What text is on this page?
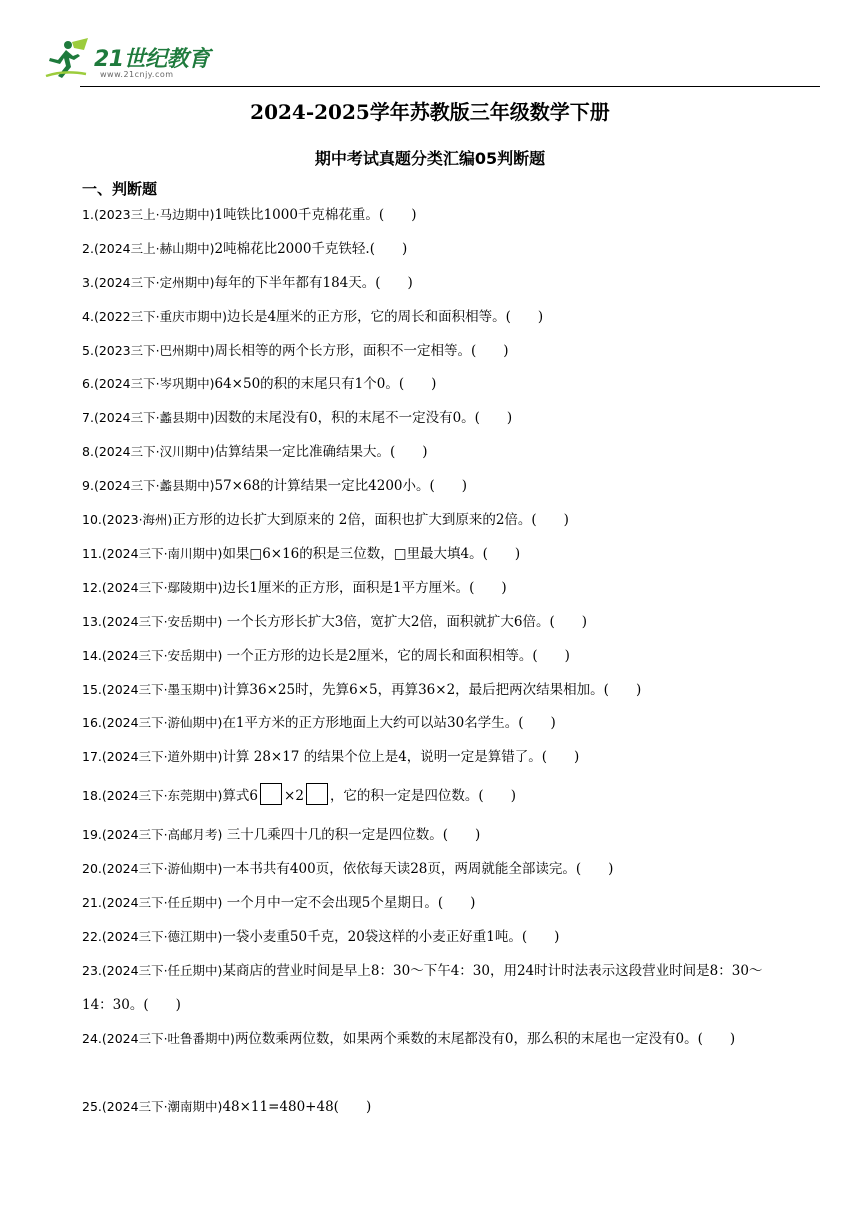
21世纪教育
www.21cnjy.com
2024-2025学年苏教版三年级数学下册
期中考试真题分类汇编05判断题
一、判断题
1.(2023三上·马边期中)1吨铁比1000千克棉花重。(　　)
2.(2024三上·赫山期中)2吨棉花比2000千克铁轻.(　　)
3.(2024三下·定州期中)每年的下半年都有184天。(　　)
4.(2022三下·重庆市期中)边长是4厘米的正方形，它的周长和面积相等。(　　)
5.(2023三下·巴州期中)周长相等的两个长方形，面积不一定相等。(　　)
6.(2024三下·岑巩期中)64×50的积的末尾只有1个0。(　　)
7.(2024三下·蠡县期中)因数的末尾没有0，积的末尾不一定没有0。(　　)
8.(2024三下·汉川期中)估算结果一定比准确结果大。(　　)
9.(2024三下·蠡县期中)57×68的计算结果一定比4200小。(　　)
10.(2023·海州)正方形的边长扩大到原来的 2倍，面积也扩大到原来的2倍。(　　)
11.(2024三下·南川期中)如果□6×16的积是三位数，□里最大填4。(　　)
12.(2024三下·鄢陵期中)边长1厘米的正方形，面积是1平方厘米。(　　)
13.(2024三下·安岳期中) 一个长方形长扩大3倍，宽扩大2倍，面积就扩大6倍。(　　)
14.(2024三下·安岳期中) 一个正方形的边长是2厘米，它的周长和面积相等。(　　)
15.(2024三下·墨玉期中)计算36×25时，先算6×5，再算36×2，最后把两次结果相加。(　　)
16.(2024三下·游仙期中)在1平方米的正方形地面上大约可以站30名学生。(　　)
17.(2024三下·道外期中)计算 28×17 的结果个位上是4，说明一定是算错了。(　　)
18.(2024三下·东莞期中)算式6 ×2 ，它的积一定是四位数。(　　)
19.(2024三下·高邮月考) 三十几乘四十几的积一定是四位数。(　　)
20.(2024三下·游仙期中)一本书共有400页，依依每天读28页，两周就能全部读完。(　　)
21.(2024三下·任丘期中) 一个月中一定不会出现5个星期日。(　　)
22.(2024三下·德江期中)一袋小麦重50千克，20袋这样的小麦正好重1吨。(　　)
23.(2024三下·任丘期中)某商店的营业时间是早上8：30～下午4：30，用24时计时法表示这段营业时间是8：30～14：30。(　　)
24.(2024三下·吐鲁番期中)两位数乘两位数，如果两个乘数的末尾都没有0，那么积的末尾也一定没有0。(　　)
25.(2024三下·潮南期中)48×11=480+48(　　)
